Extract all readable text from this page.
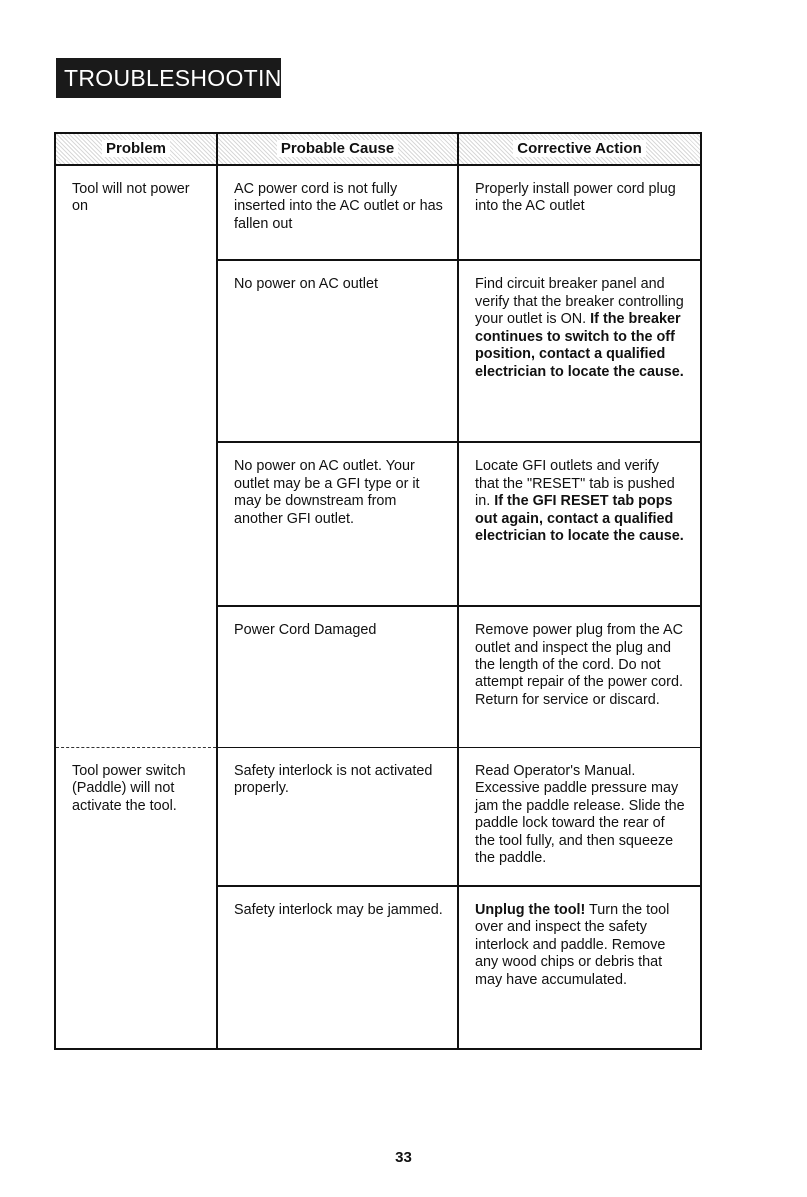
TROUBLESHOOTING
Problem	Probable Cause	Corrective Action
Tool will not power on	AC power cord is not fully inserted into the AC outlet or has fallen out	Properly install power cord plug into the AC outlet
	No power on AC outlet	Find circuit breaker panel and verify that the breaker controlling your outlet is ON. If the breaker continues to switch to the off position, contact a qualified electrician to locate the cause.
	No power on AC outlet. Your outlet may be a GFI type or it may be downstream from another GFI outlet.	Locate GFI outlets and verify that the "RESET" tab is pushed in. If the GFI RESET tab pops out again, contact a qualified electrician to locate the cause.
	Power Cord Damaged	Remove power plug from the AC outlet and inspect the plug and the length of the cord. Do not attempt repair of the power cord. Return for service or discard.
Tool power switch (Paddle) will not activate the tool.	Safety interlock is not activated properly.	Read Operator's Manual. Excessive paddle pressure may jam the paddle release. Slide the paddle lock toward the rear of the tool fully, and then squeeze the paddle.
	Safety interlock may be jammed.	Unplug the tool! Turn the tool over and inspect the safety interlock and paddle. Remove any wood chips or debris that may have accumulated.
33
